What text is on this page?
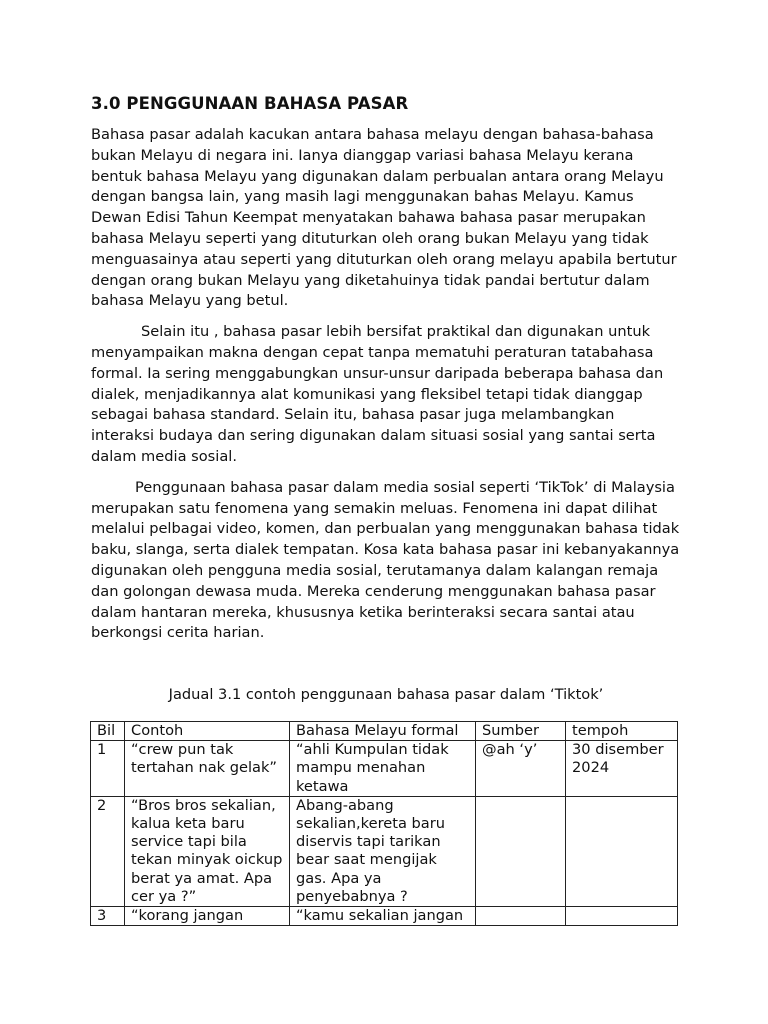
3.0 PENGGUNAAN BAHASA PASAR

Bahasa pasar adalah kacukan antara bahasa melayu dengan bahasa-bahasa bukan Melayu di negara ini. Ianya dianggap variasi bahasa Melayu kerana bentuk bahasa Melayu yang digunakan dalam perbualan antara orang Melayu dengan bangsa lain, yang masih lagi menggunakan bahas Melayu. Kamus Dewan Edisi Tahun Keempat menyatakan bahawa bahasa pasar merupakan bahasa Melayu seperti yang dituturkan oleh orang bukan Melayu yang tidak menguasainya atau seperti yang dituturkan oleh orang melayu apabila bertutur dengan orang bukan Melayu yang diketahuinya tidak pandai bertutur dalam bahasa Melayu yang betul.

Selain itu , bahasa pasar lebih bersifat praktikal dan digunakan untuk menyampaikan makna dengan cepat tanpa mematuhi peraturan tatabahasa formal. Ia sering menggabungkan unsur-unsur daripada beberapa bahasa dan dialek, menjadikannya alat komunikasi yang fleksibel tetapi tidak dianggap sebagai bahasa standard. Selain itu, bahasa pasar juga melambangkan interaksi budaya dan sering digunakan dalam situasi sosial yang santai serta dalam media sosial.

Penggunaan bahasa pasar dalam media sosial seperti ‘TikTok’ di Malaysia merupakan satu fenomena yang semakin meluas. Fenomena ini dapat dilihat melalui pelbagai video, komen, dan perbualan yang menggunakan bahasa tidak baku, slanga, serta dialek tempatan. Kosa kata bahasa pasar ini kebanyakannya digunakan oleh pengguna media sosial, terutamanya dalam kalangan remaja dan golongan dewasa muda. Mereka cenderung menggunakan bahasa pasar dalam hantaran mereka, khususnya ketika berinteraksi secara santai atau berkongsi cerita harian.

Jadual 3.1 contoh penggunaan bahasa pasar dalam ‘Tiktok’
Bil	Contoh	Bahasa Melayu formal	Sumber	tempoh
1	“crew pun tak tertahan nak gelak”	“ahli Kumpulan tidak mampu menahan ketawa	@ah ‘y’	30 disember 2024
2	“Bros bros sekalian, kalua keta baru service tapi bila tekan minyak oickup berat ya amat. Apa cer ya ?”	Abang-abang sekalian,kereta baru diservis tapi tarikan bear saat mengijak gas. Apa ya penyebabnya ?		
3	“korang jangan	“kamu sekalian jangan		
